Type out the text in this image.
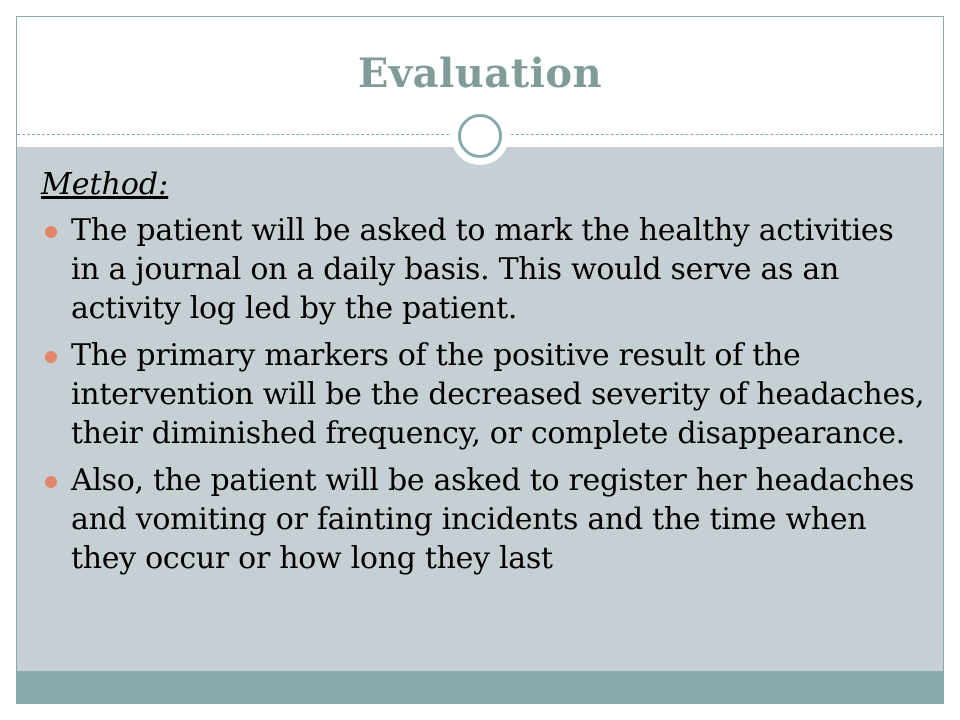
Evaluation
Method:
The patient will be asked to mark the healthy activities in a journal on a daily basis. This would serve as an activity log led by the patient.
The primary markers of the positive result of the intervention will be the decreased severity of headaches, their diminished frequency, or complete disappearance.
Also, the patient will be asked to register her headaches and vomiting or fainting incidents and the time when they occur or how long they last
